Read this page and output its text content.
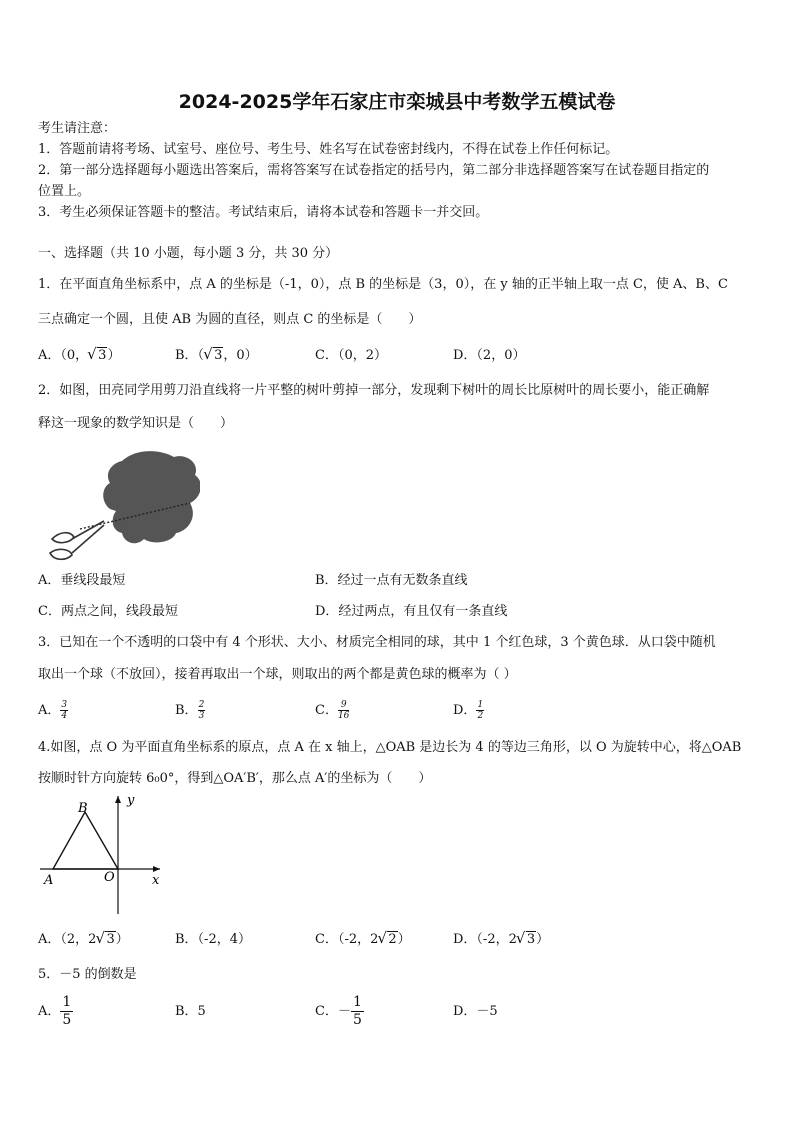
2024-2025学年石家庄市栾城县中考数学五模试卷
考生请注意：
1．答题前请将考场、试室号、座位号、考生号、姓名写在试卷密封线内，不得在试卷上作任何标记。
2．第一部分选择题每小题选出答案后，需将答案写在试卷指定的括号内，第二部分非选择题答案写在试卷题目指定的
位置上。
3．考生必须保证答题卡的整洁。考试结束后，请将本试卷和答题卡一并交回。
一、选择题（共 10 小题，每小题 3 分，共 30 分）
1．在平面直角坐标系中，点 A 的坐标是（-1，0），点 B 的坐标是（3，0），在 y 轴的正半轴上取一点 C，使 A、B、C
三点确定一个圆，且使 AB 为圆的直径，则点 C 的坐标是（　　）
A．（0， √ 3）	B．（ √ 3，0）	C．（0，2）	D．（2，0）
2．如图，田亮同学用剪刀沿直线将一片平整的树叶剪掉一部分，发现剩下树叶的周长比原树叶的周长要小，能正确解
释这一现象的数学知识是（　　）
A．垂线段最短	B．经过一点有无数条直线
C．两点之间，线段最短	D．经过两点，有且仅有一条直线
3．已知在一个不透明的口袋中有 4 个形状、大小、材质完全相同的球，其中 1 个红色球，3 个黄色球．从口袋中随机
取出一个球（不放回），接着再取出一个球，则取出的两个都是黄色球的概率为（ ）
A． $\frac{3}{4}$	B． $\frac{2}{3}$	C． $\frac{9}{16}$	D． $\frac{1}{2}$
4.如图，点 O 为平面直角坐标系的原点，点 A 在 x 轴上，△OAB 是边长为 4 的等边三角形，以 O 为旋转中心，将△OAB
按顺时针方向旋转 6₀0°，得到△OA′B′，那么点 A′的坐标为（　　）
B
y
A	O	x
A．（2，2 √ 3）	B．（-2，4）	C．（-2，2 √ 2）	D．（-2，2 √ 3）
5．－5 的倒数是
A． $\frac{1}{5}$	B．5	C．－ $\frac{1}{5}$	D．－5
